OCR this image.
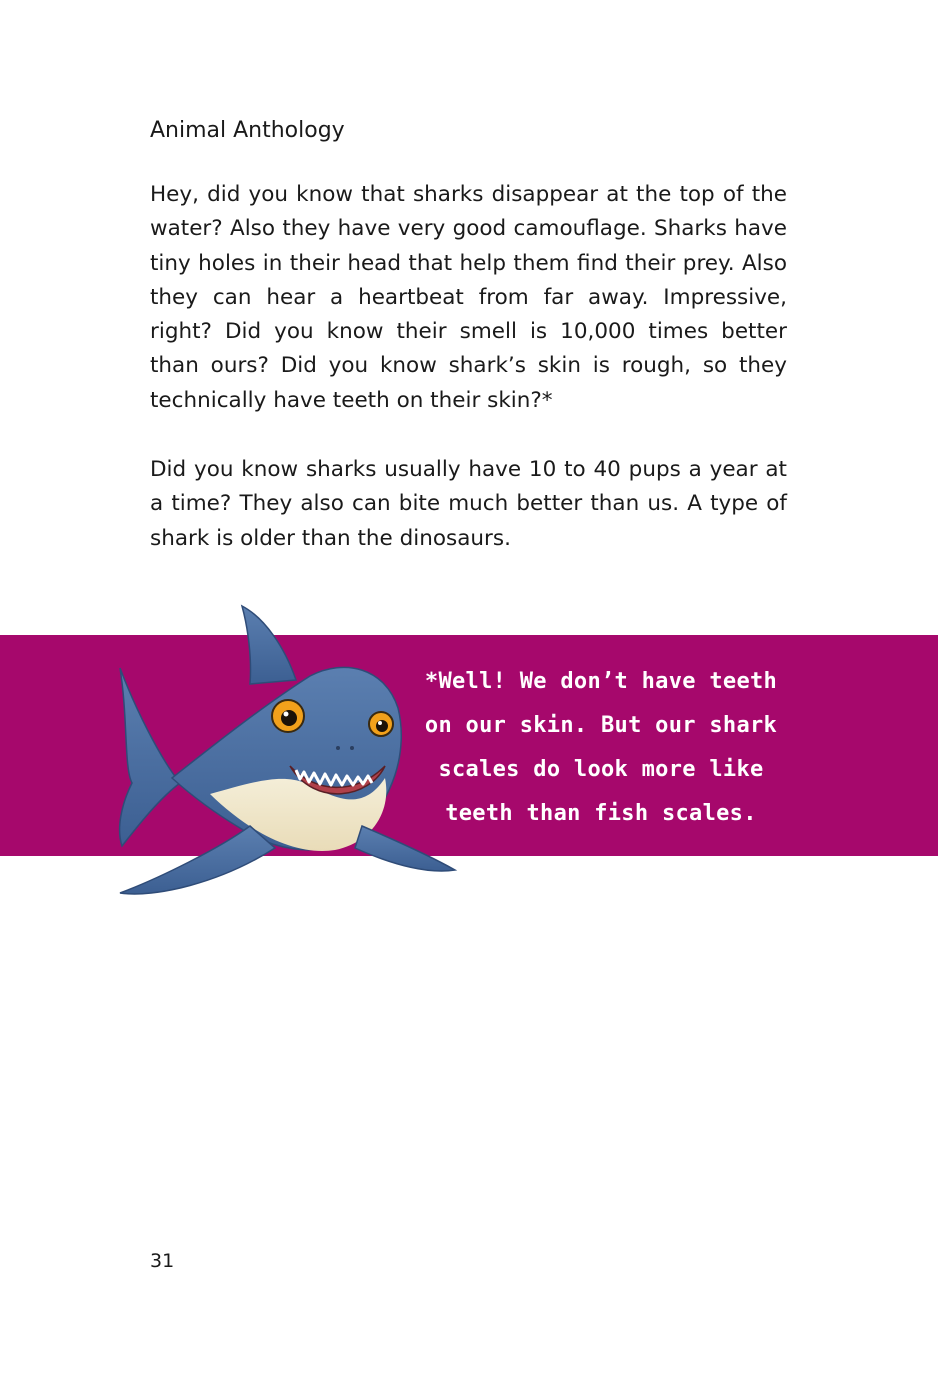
Animal Anthology

Hey, did you know that sharks disappear at the top of the water? Also they have very good camouflage. Sharks have tiny holes in their head that help them find their prey. Also they can hear a heartbeat from far away. Impressive, right? Did you know their smell is 10,000 times better than ours? Did you know shark’s skin is rough, so they technically have teeth on their skin?*

Did you know sharks usually have 10 to 40 pups a year at a time? They also can bite much better than us. A type of shark is older than the dinosaurs.

*Well! We don’t have teeth
on our skin. But our shark
scales do look more like
teeth than fish scales.
31
